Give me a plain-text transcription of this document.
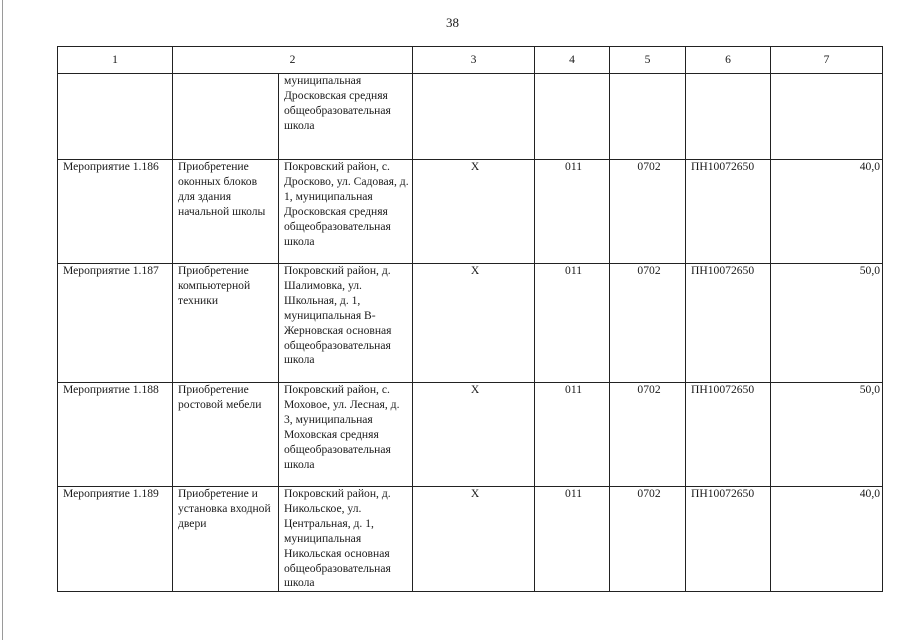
38
1	2		3	4	5	6	7
		муниципальная Дросковская средняя общеобразовательная школа					
Мероприятие 1.186	Приобретение оконных блоков для здания начальной школы	Покровский район, с. Дросково, ул. Садовая, д. 1, муниципальная Дросковская средняя общеобразовательная школа	Х	011	0702	ПН10072650	40,0
Мероприятие 1.187	Приобретение компьютерной техники	Покровский район, д. Шалимовка, ул. Школьная, д. 1, муниципальная В-Жерновская основная общеобразовательная школа	Х	011	0702	ПН10072650	50,0
Мероприятие 1.188	Приобретение ростовой мебели	Покровский район, с. Моховое, ул. Лесная, д. 3, муниципальная Моховская средняя общеобразовательная школа	Х	011	0702	ПН10072650	50,0
Мероприятие 1.189	Приобретение и установка входной двери	Покровский район, д. Никольское, ул. Центральная, д. 1, муниципальная Никольская основная общеобразовательная школа	Х	011	0702	ПН10072650	40,0
